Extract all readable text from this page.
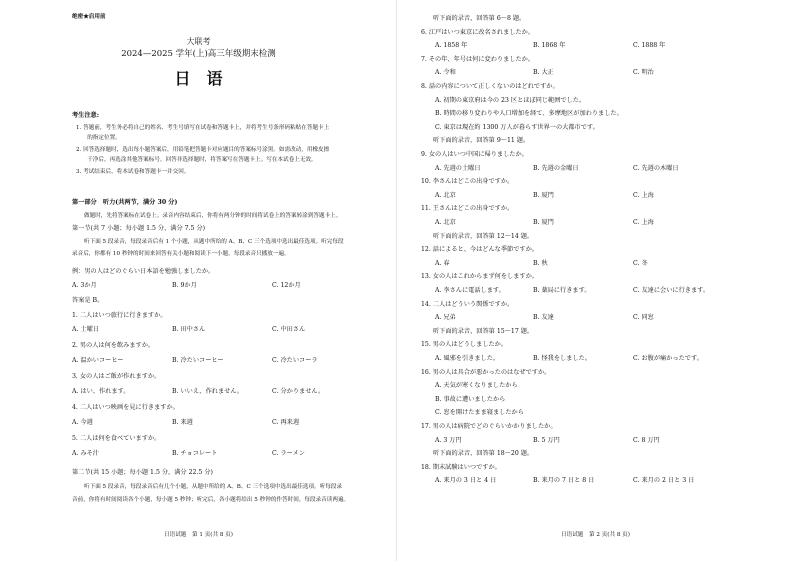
绝密★启用前
大联考
2024—2025 学年(上)高三年级期末检测
日　语
考生注意:
1. 答题前，考生务必将自己的姓名、考生号填写在试卷和答题卡上，并将考生号条形码粘贴在答题卡上
　　的指定位置。
2. 回答选择题时，选出每小题答案后，用铅笔把答题卡对应题目的答案标号涂黑。如需改动，用橡皮擦
　　干净后，再选涂其他答案标号。回答非选择题时，将答案写在答题卡上。写在本试卷上无效。
3. 考试结束后，将本试卷和答题卡一并交回。
第一部分　听力(共两节，满分 30 分)
做题时，先将答案标在试卷上。录音内容结束后，你将有两分钟的时间将试卷上的答案转涂到答题卡上。
第一节(共 7 小题；每小题 1.5 分，满分 7.5 分)
听下面 5 段录音，每段录音后有 1 个小题，从题中所给的 A、B、C 三个选项中选出最佳选项。听完每段
录音后，你都有 10 秒钟的时间来回答有关小题和阅读下一小题。每段录音只播放一遍。
例：男の人はどのぐらい日本語を勉強しましたか。
A. 3か月	B. 9か月	C. 12か月
答案是 B。
1. 二人はいつ旅行に行きますか。
A. 土曜日	B. 田中さん	C. 中田さん
2. 男の人は何を飲みますか。
A. 温かいコーヒー	B. 冷たいコーヒー	C. 冷たいコーラ
3. 女の人はご飯が作れますか。
A. はい、作れます。	B. いいえ、作れません。	C. 分かりません。
4. 二人はいつ映画を見に行きますか。
A. 今週	B. 来週	C. 再来週
5. 二人は何を食べていますか。
A. みそ汁	B. チョコレート	C. ラーメン
第二节(共 15 小题；每小题 1.5 分，满分 22.5 分)
听下面 5 段录音，每段录音后有几个小题，从题中所给的 A、B、C 三个选项中选出最佳选项。听每段录
音前，你将有时间阅读各个小题，每小题 5 秒钟；听完后，各小题将给出 5 秒钟的作答时间。每段录音读两遍。
日语试题　第 1 页(共 8 页)
听下面的录音，回答第 6～8 题。
6. 江戸はいつ東京に改名されましたか。
A. 1858 年	B. 1868 年	C. 1888 年
7. その年、年号は何に変わりましたか。
A. 令和	B. 大正	C. 明治
8. 話の内容について正しくないのはどれですか。
A. 初期の東京府は今の 23 区とほぼ同じ範囲でした。
B. 時間の移り変わりや人口増加を経て、多摩地区が加わりました。
C. 東京は現在約 1300 万人が暮らす世界一の大都市です。
听下面的录音，回答第 9～11 题。
9. 女の人はいつ中国に帰りましたか。
A. 先週の土曜日	B. 先週の金曜日	C. 先週の木曜日
10. 李さんはどこの出身ですか。
A. 北京	B. 厦門	C. 上海
11. 王さんはどこの出身ですか。
A. 北京	B. 厦門	C. 上海
听下面的录音，回答第 12～14 题。
12. 話によると、今はどんな季節ですか。
A. 春	B. 秋	C. 冬
13. 女の人はこれからまず何をしますか。
A. 李さんに電話します。	B. 薬局に行きます。	C. 友達に会いに行きます。
14. 二人はどういう関係ですか。
A. 兄弟	B. 友達	C. 同窓
听下面的录音，回答第 15～17 题。
15. 男の人はどうしましたか。
A. 風邪を引きました。	B. 怪我をしました。	C. お腹が痛かったです。
16. 男の人は具合が悪かったのはなぜですか。
A. 天気が寒くなりましたから
B. 事故に遭いましたから
C. 窓を開けたまま寝ましたから
17. 男の人は病院でどのぐらいかかりましたか。
A. 3 万円	B. 5 万円	C. 8 万円
听下面的录音，回答第 18～20 题。
18. 期末試験はいつですか。
A. 来月の 3 日と 4 日	B. 来月の 7 日と 8 日	C. 来月の 2 日と 3 日
日语试题　第 2 页(共 8 页)
